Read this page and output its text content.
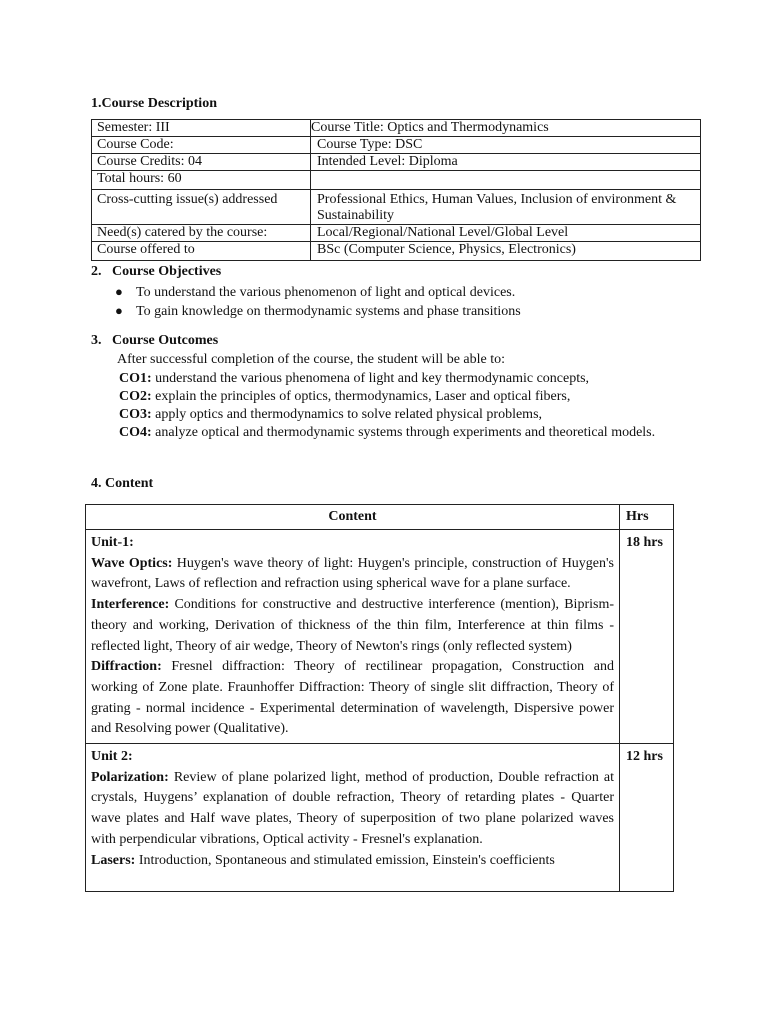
1.Course Description
Semester: III	Course Title: Optics and Thermodynamics
Course Code:	Course Type: DSC
Course Credits: 04	Intended Level: Diploma
Total hours: 60	
Cross-cutting issue(s) addressed	Professional Ethics, Human Values, Inclusion of environment & Sustainability
Need(s) catered by the course:	Local/Regional/National Level/Global Level
Course offered to	BSc (Computer Science, Physics, Electronics)
2. Course Objectives
● To understand the various phenomenon of light and optical devices.
● To gain knowledge on thermodynamic systems and phase transitions
3. Course Outcomes
After successful completion of the course, the student will be able to:
CO1: understand the various phenomena of light and key thermodynamic concepts,
CO2: explain the principles of optics, thermodynamics, Laser and optical fibers,
CO3: apply optics and thermodynamics to solve related physical problems,
CO4: analyze optical and thermodynamic systems through experiments and theoretical models.
4. Content
Content	Hrs

Unit-1:

Wave Optics: Huygen's wave theory of light: Huygen's principle, construction of Huygen's wavefront, Laws of reflection and refraction using spherical wave for a plane surface.

Interference: Conditions for constructive and destructive interference (mention), Biprism-theory and working, Derivation of thickness of the thin film, Interference at thin films - reflected light, Theory of air wedge, Theory of Newton's rings (only reflected system)

Diffraction: Fresnel diffraction: Theory of rectilinear propagation, Construction and working of Zone plate. Fraunhoffer Diffraction: Theory of single slit diffraction, Theory of grating - normal incidence - Experimental determination of wavelength, Dispersive power and Resolving power (Qualitative).	18 hrs

Unit 2:

Polarization: Review of plane polarized light, method of production, Double refraction at crystals, Huygens’ explanation of double refraction, Theory of retarding plates - Quarter wave plates and Half wave plates, Theory of superposition of two plane polarized waves with perpendicular vibrations, Optical activity - Fresnel's explanation.

Lasers: Introduction, Spontaneous and stimulated emission, Einstein's coefficients	12 hrs
